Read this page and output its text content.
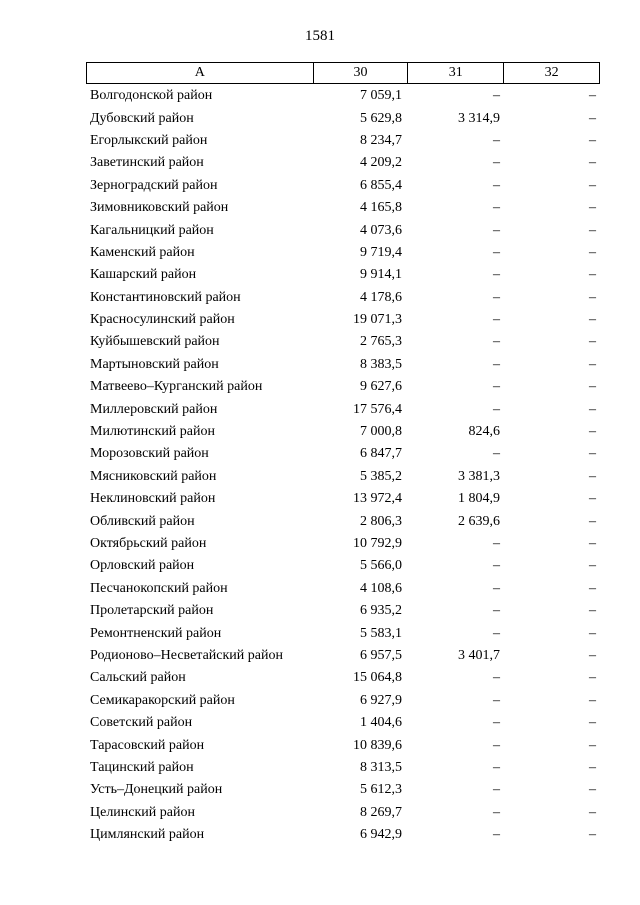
1581
А	30	31	32
Волгодонской район	7 059,1	–	–
Дубовский район	5 629,8	3 314,9	–
Егорлыкский район	8 234,7	–	–
Заветинский район	4 209,2	–	–
Зерноградский район	6 855,4	–	–
Зимовниковский район	4 165,8	–	–
Кагальницкий район	4 073,6	–	–
Каменский район	9 719,4	–	–
Кашарский район	9 914,1	–	–
Константиновский район	4 178,6	–	–
Красносулинский район	19 071,3	–	–
Куйбышевский район	2 765,3	–	–
Мартыновский район	8 383,5	–	–
Матвеево–Курганский район	9 627,6	–	–
Миллеровский район	17 576,4	–	–
Милютинский район	7 000,8	824,6	–
Морозовский район	6 847,7	–	–
Мясниковский район	5 385,2	3 381,3	–
Неклиновский район	13 972,4	1 804,9	–
Обливский район	2 806,3	2 639,6	–
Октябрьский район	10 792,9	–	–
Орловский район	5 566,0	–	–
Песчанокопский район	4 108,6	–	–
Пролетарский район	6 935,2	–	–
Ремонтненский район	5 583,1	–	–
Родионово–Несветайский район	6 957,5	3 401,7	–
Сальский район	15 064,8	–	–
Семикаракорский район	6 927,9	–	–
Советский район	1 404,6	–	–
Тарасовский район	10 839,6	–	–
Тацинский район	8 313,5	–	–
Усть–Донецкий район	5 612,3	–	–
Целинский район	8 269,7	–	–
Цимлянский район	6 942,9	–	–
